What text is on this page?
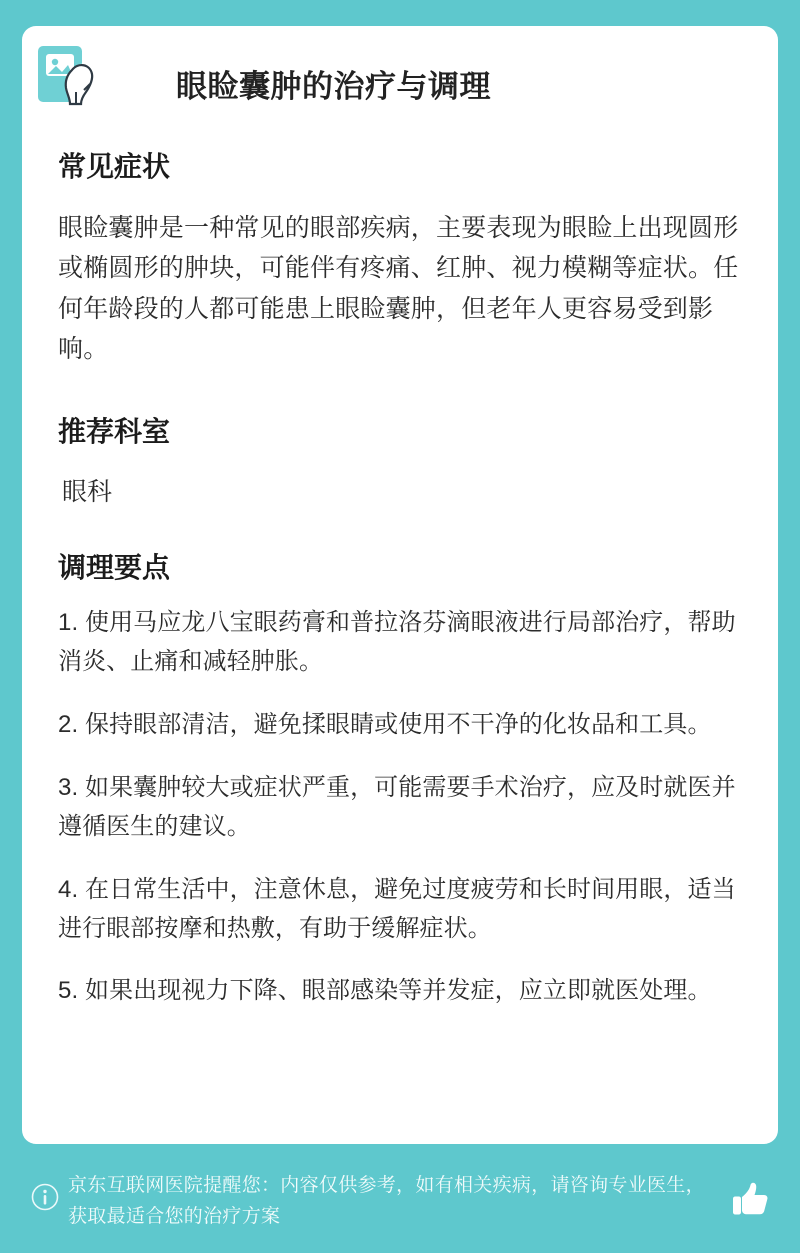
眼睑囊肿的治疗与调理
常见症状

眼睑囊肿是一种常见的眼部疾病，主要表现为眼睑上出现圆形或椭圆形的肿块，可能伴有疼痛、红肿、视力模糊等症状。任何年龄段的人都可能患上眼睑囊肿，但老年人更容易受到影响。

推荐科室

眼科

调理要点

1. 使用马应龙八宝眼药膏和普拉洛芬滴眼液进行局部治疗，帮助消炎、止痛和减轻肿胀。

2. 保持眼部清洁，避免揉眼睛或使用不干净的化妆品和工具。

3. 如果囊肿较大或症状严重，可能需要手术治疗，应及时就医并遵循医生的建议。

4. 在日常生活中，注意休息，避免过度疲劳和长时间用眼，适当进行眼部按摩和热敷，有助于缓解症状。

5. 如果出现视力下降、眼部感染等并发症，应立即就医处理。

京东互联网医院提醒您：内容仅供参考，如有相关疾病，请咨询专业医生，获取最适合您的治疗方案
